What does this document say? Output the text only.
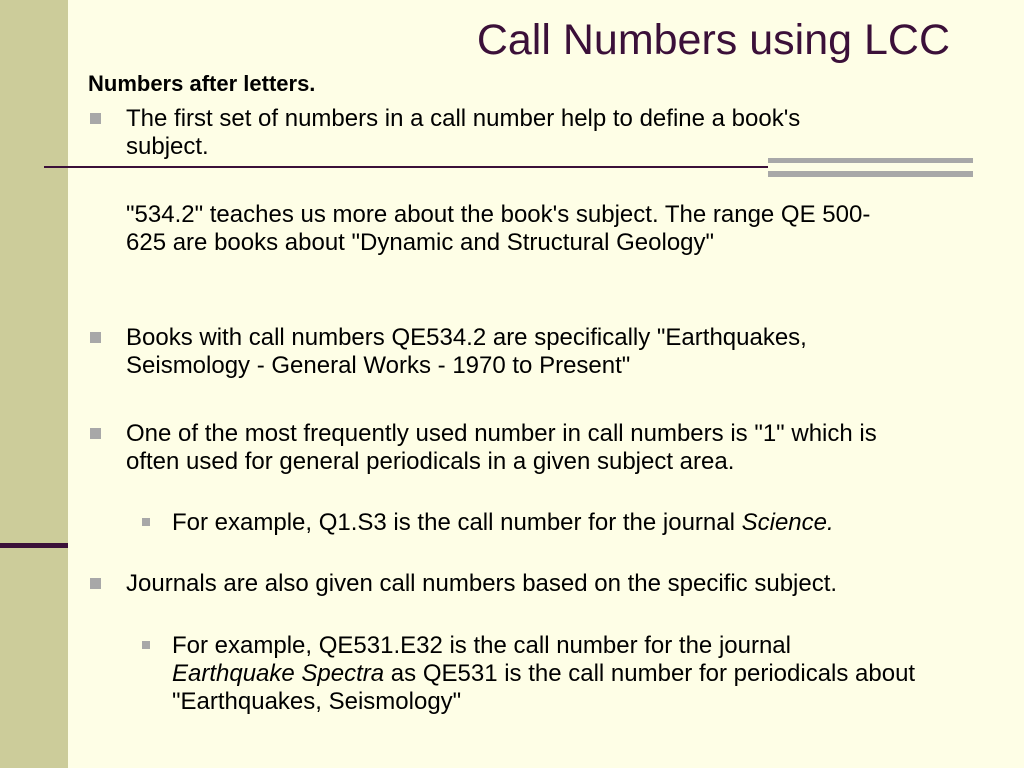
Call Numbers using LCC
Numbers after letters.
The first set of numbers in a call number help to define a book's subject.
"534.2" teaches us more about the book's subject. The range QE 500-625 are books about "Dynamic and Structural Geology"
Books with call numbers QE534.2 are specifically "Earthquakes, Seismology - General Works - 1970 to Present"
One of the most frequently used number in call numbers is "1" which is often used for general periodicals in a given subject area.
For example, Q1.S3 is the call number for the journal Science.
Journals are also given call numbers based on the specific subject.
For example, QE531.E32 is the call number for the journal Earthquake Spectra as QE531 is the call number for periodicals about "Earthquakes, Seismology"
